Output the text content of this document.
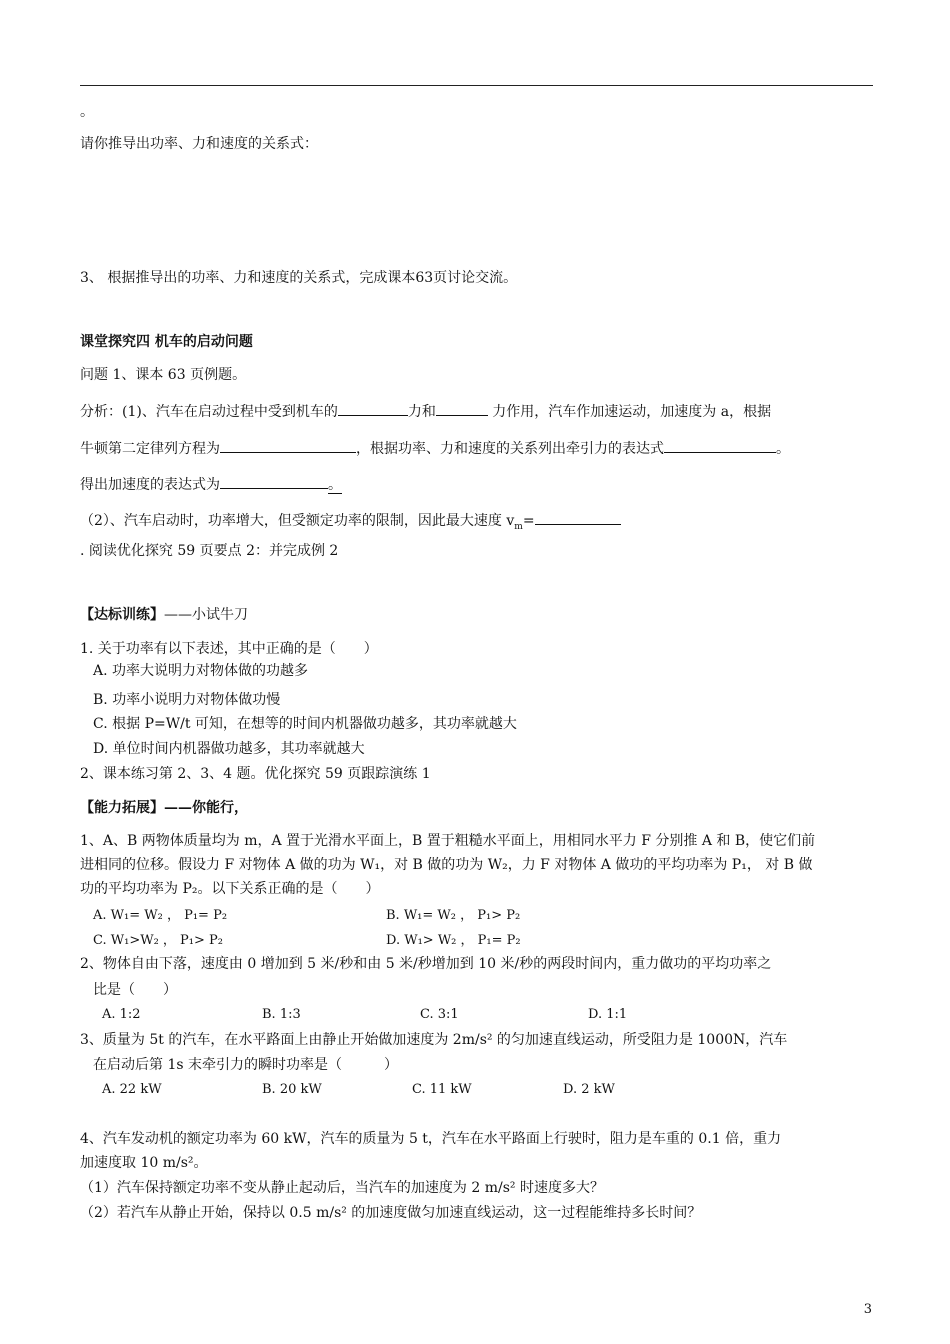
。
请你推导出功率、力和速度的关系式：
3、 根据推导出的功率、力和速度的关系式，完成课本63页讨论交流。
课堂探究四 机车的启动问题
问题 1、课本 63 页例题。
分析：(1)、汽车在启动过程中受到机车的	力和	力作用，汽车作加速运动，加速度为 a，根据
牛顿第二定律列方程为	，根据功率、力和速度的关系列出牵引力的表达式	。
得出加速度的表达式为	。
（2）、汽车启动时，功率增大，但受额定功率的限制，因此最大速度 $v_m=$
. 阅读优化探究 59 页要点 2：并完成例 2
【达标训练】——小试牛刀
1. 关于功率有以下表述，其中正确的是（　　）
A. 功率大说明力对物体做的功越多
B. 功率小说明力对物体做功慢
C. 根据 P=W/t 可知，在想等的时间内机器做功越多，其功率就越大
D. 单位时间内机器做功越多，其功率就越大
2、课本练习第 2、3、4 题。优化探究 59 页跟踪演练 1
【能力拓展】——你能行，
1、A、B 两物体质量均为 m，A 置于光滑水平面上，B 置于粗糙水平面上，用相同水平力 F 分别推 A 和 B，使它们前
进相同的位移。假设力 F 对物体 A 做的功为 W₁，对 B 做的功为 W₂，力 F 对物体 A 做功的平均功率为 P₁， 对 B 做
功的平均功率为 P₂。以下关系正确的是（　　）
A. W₁= W₂ ， P₁= P₂	B. W₁= W₂ ， P₁> P₂
C. W₁>W₂ ， P₁> P₂	D. W₁> W₂ ， P₁= P₂
2、物体自由下落，速度由 0 增加到 5 米/秒和由 5 米/秒增加到 10 米/秒的两段时间内，重力做功的平均功率之
比是（　　）
A. 1:2	B. 1:3	C. 3:1	D. 1:1
3、质量为 5t 的汽车，在水平路面上由静止开始做加速度为 2m/s² 的匀加速直线运动，所受阻力是 1000N，汽车
在启动后第 1s 末牵引力的瞬时功率是（　　　）
A. 22 kW	B. 20 kW	C. 11 kW	D. 2 kW
4、汽车发动机的额定功率为 60 kW，汽车的质量为 5 t，汽车在水平路面上行驶时，阻力是车重的 0.1 倍，重力
加速度取 10 m/s²。
（1）汽车保持额定功率不变从静止起动后，当汽车的加速度为 2 m/s² 时速度多大？
（2）若汽车从静止开始，保持以 0.5 m/s² 的加速度做匀加速直线运动，这一过程能维持多长时间？
3
